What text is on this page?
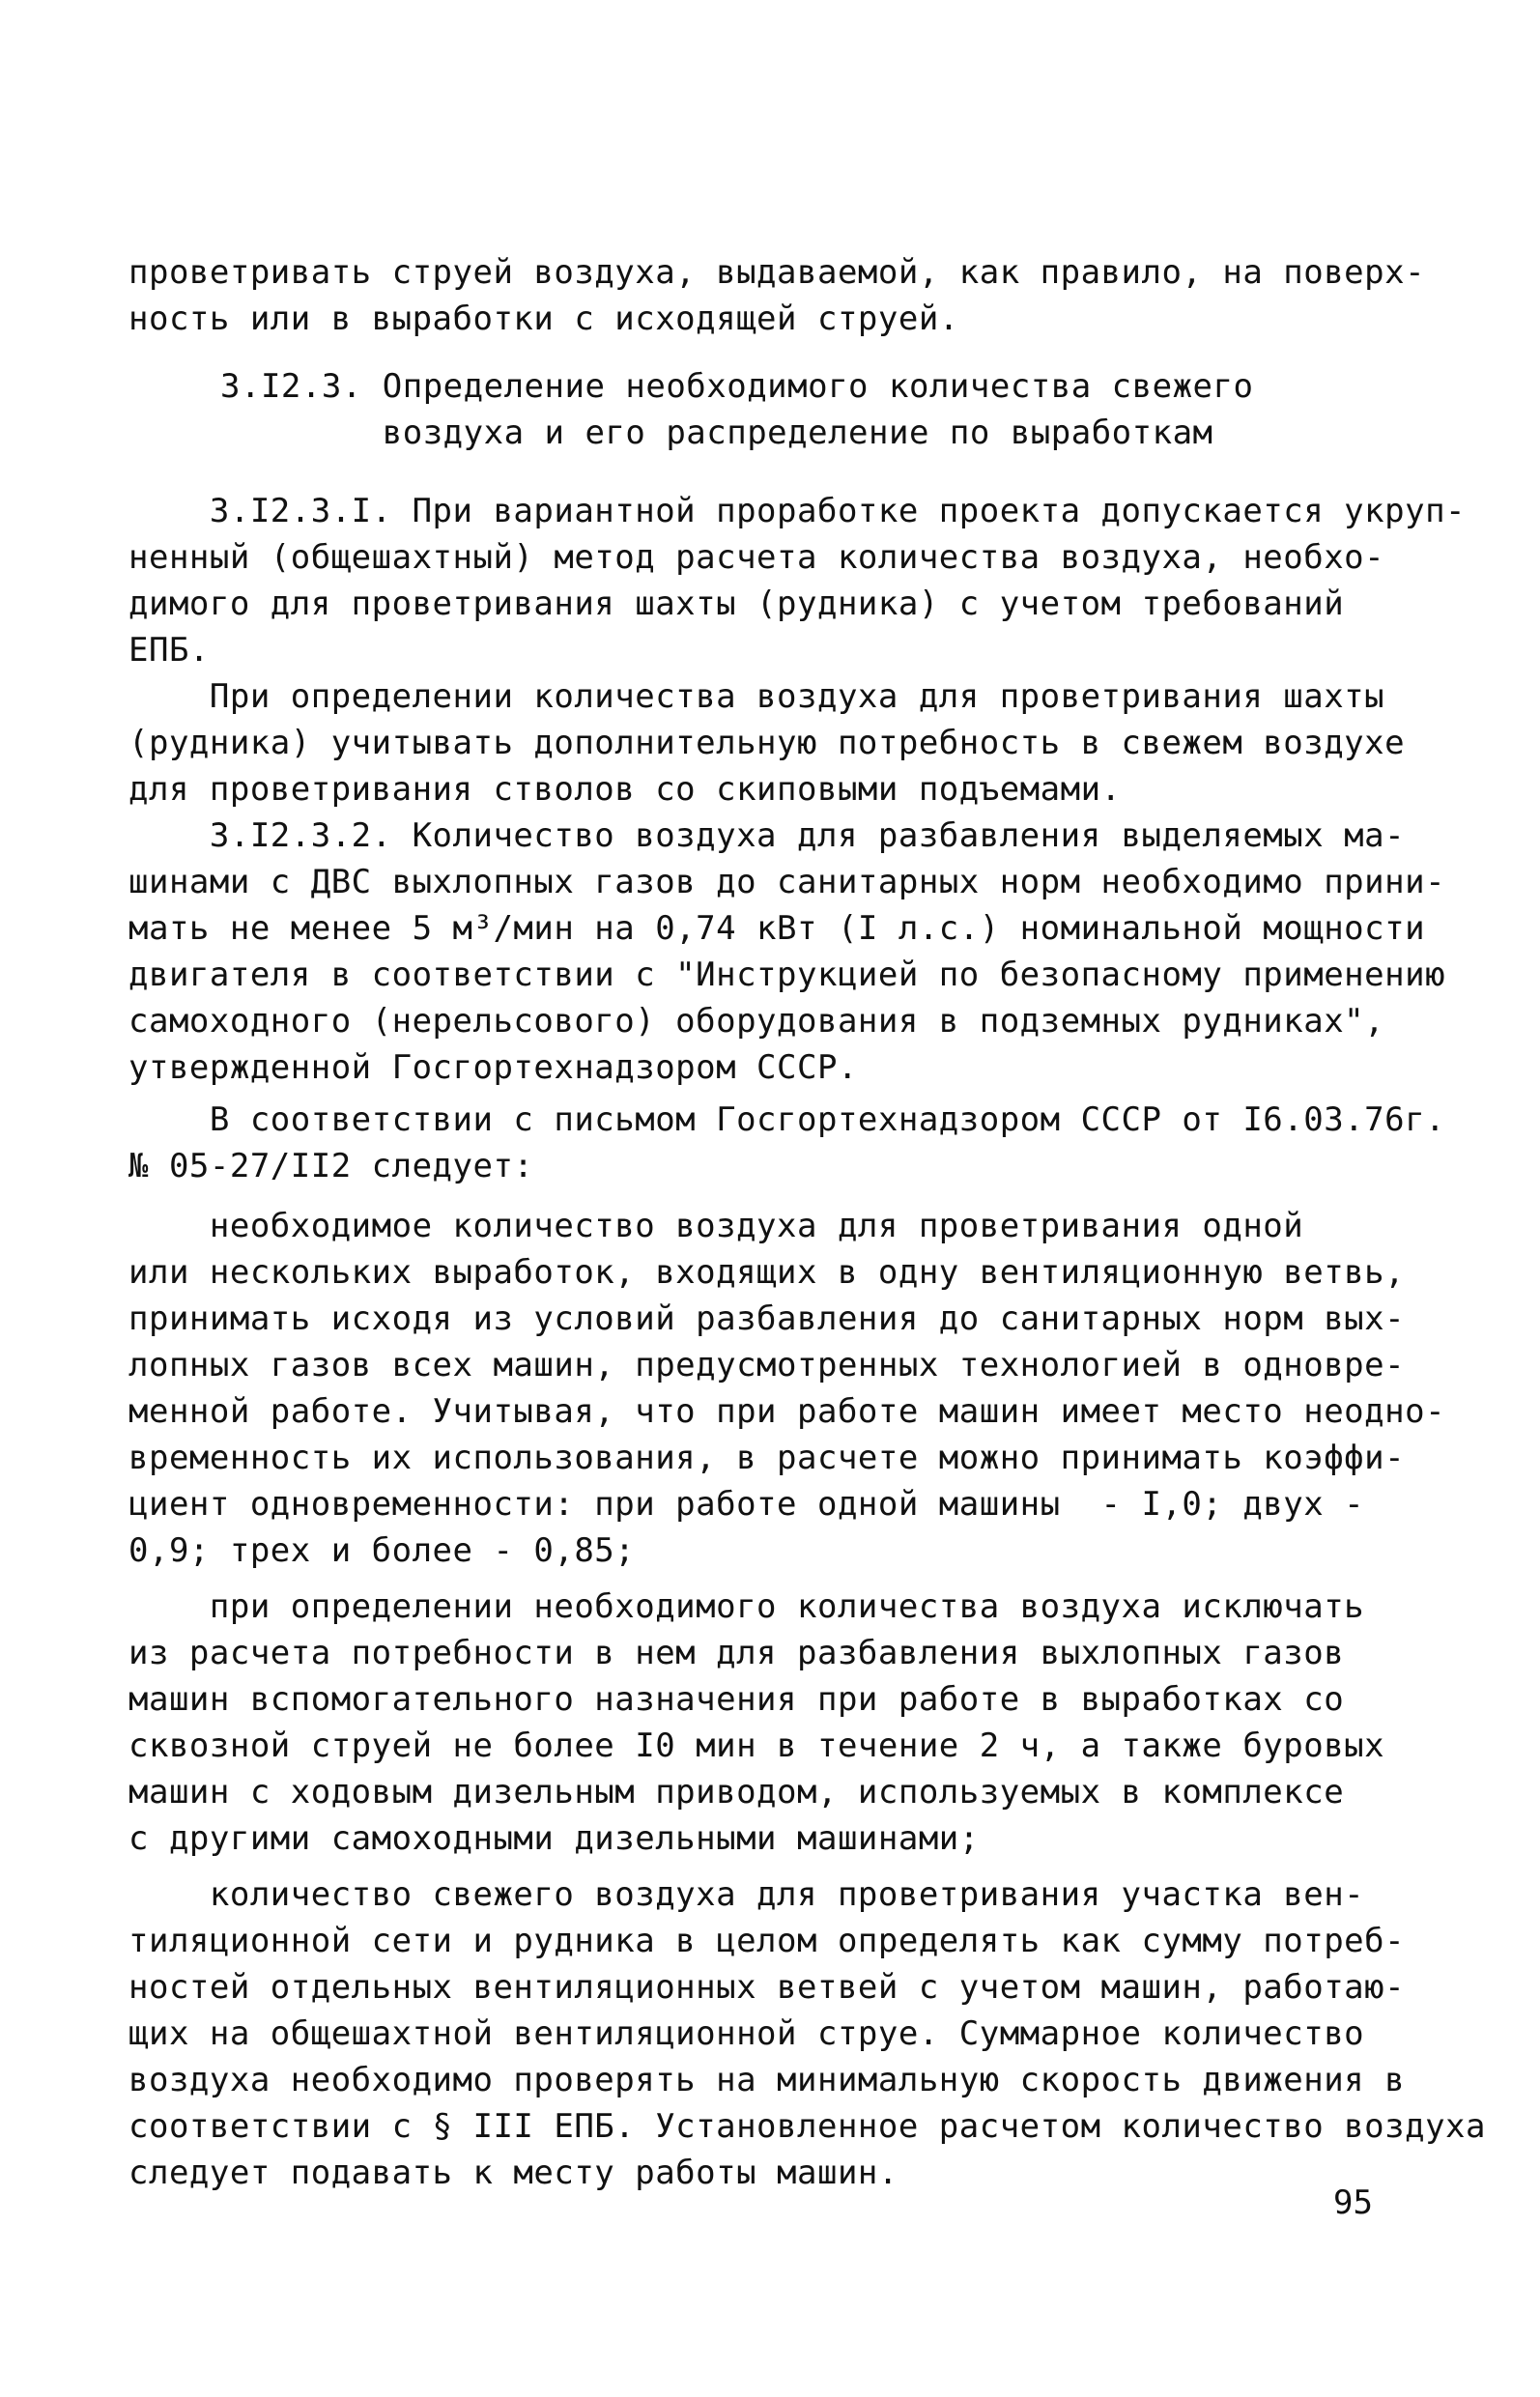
проветривать струей воздуха, выдаваемой, как правило, на поверх-
ность или в выработки с исходящей струей.
3.I2.3. Определение необходимого количества свежего
воздуха и его распределение по выработкам
3.I2.3.I. При вариантной проработке проекта допускается укруп-
ненный (общешахтный) метод расчета количества воздуха, необхо-
димого для проветривания шахты (рудника) с учетом требований
ЕПБ.
При определении количества воздуха для проветривания шахты
(рудника) учитывать дополнительную потребность в свежем воздухе
для проветривания стволов со скиповыми подъемами.
3.I2.3.2. Количество воздуха для разбавления выделяемых ма-
шинами с ДВС выхлопных газов до санитарных норм необходимо прини-
мать не менее 5 м³/мин на 0,74 кВт (I л.с.) номинальной мощности
двигателя в соответствии с "Инструкцией по безопасному применению
самоходного (нерельсового) оборудования в подземных рудниках",
утвержденной Госгортехнадзором СССР.
В соответствии с письмом Госгортехнадзором СССР от I6.03.76г.
№ 05-27/II2 следует:
необходимое количество воздуха для проветривания одной
или нескольких выработок, входящих в одну вентиляционную ветвь,
принимать исходя из условий разбавления до санитарных норм вых-
лопных газов всех машин, предусмотренных технологией в одновре-
менной работе. Учитывая, что при работе машин имеет место неодно-
временность их использования, в расчете можно принимать коэффи-
циент одновременности: при работе одной машины  - I,0; двух -
0,9; трех и более - 0,85;
при определении необходимого количества воздуха исключать
из расчета потребности в нем для разбавления выхлопных газов
машин вспомогательного назначения при работе в выработках со
сквозной струей не более I0 мин в течение 2 ч, а также буровых
машин с ходовым дизельным приводом, используемых в комплексе
с другими самоходными дизельными машинами;
количество свежего воздуха для проветривания участка вен-
тиляционной сети и рудника в целом определять как сумму потреб-
ностей отдельных вентиляционных ветвей с учетом машин, работаю-
щих на общешахтной вентиляционной струе. Суммарное количество
воздуха необходимо проверять на минимальную скорость движения в
соответствии с § III ЕПБ. Установленное расчетом количество воздуха
следует подавать к месту работы машин.
95
